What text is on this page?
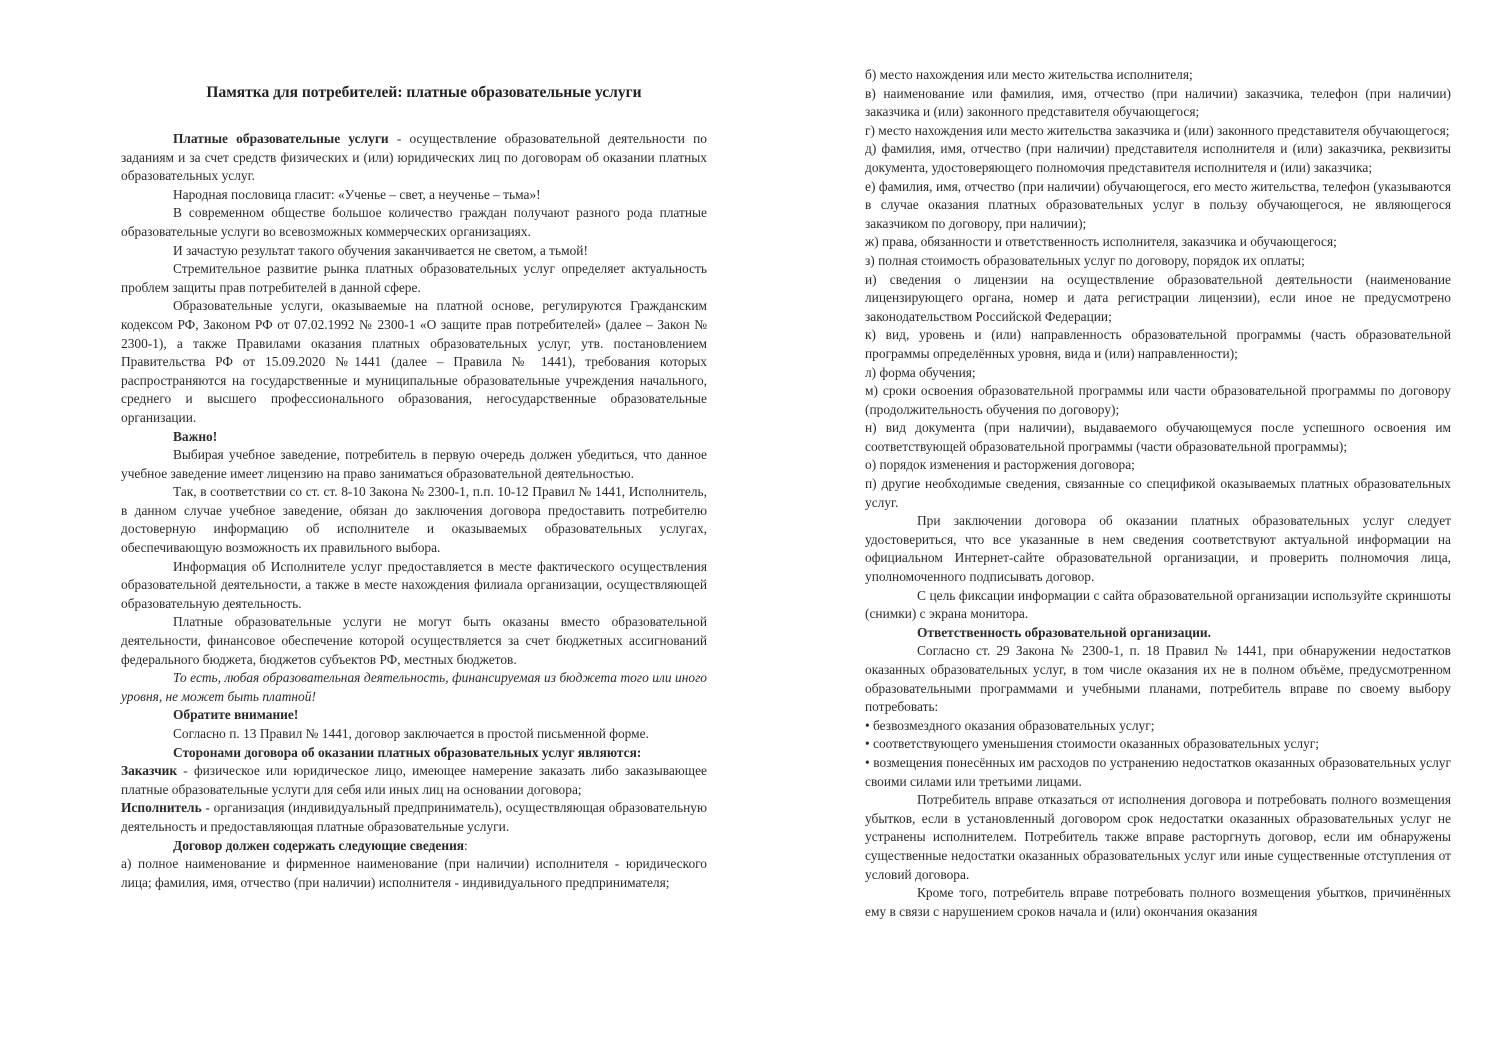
Памятка для потребителей: платные образовательные услуги

Платные образовательные услуги - осуществление образовательной деятельности по заданиям и за счет средств физических и (или) юридических лиц по договорам об оказании платных образовательных услуг.

Народная пословица гласит: «Ученье – свет, а неученье – тьма»!

В современном обществе большое количество граждан получают разного рода платные образовательные услуги во всевозможных коммерческих организациях.

И зачастую результат такого обучения заканчивается не светом, а тьмой!

Стремительное развитие рынка платных образовательных услуг определяет актуальность проблем защиты прав потребителей в данной сфере.

Образовательные услуги, оказываемые на платной основе, регулируются Гражданским кодексом РФ, Законом РФ от 07.02.1992 № 2300-1 «О защите прав потребителей» (далее – Закон № 2300-1), а также Правилами оказания платных образовательных услуг, утв. постановлением Правительства РФ от 15.09.2020 №1441 (далее – Правила № 1441), требования которых распространяются на государственные и муниципальные образовательные учреждения начального, среднего и высшего профессионального образования, негосударственные образовательные организации.

Важно!

Выбирая учебное заведение, потребитель в первую очередь должен убедиться, что данное учебное заведение имеет лицензию на право заниматься образовательной деятельностью.

Так, в соответствии со ст. ст. 8-10 Закона № 2300-1, п.п. 10-12 Правил № 1441, Исполнитель, в данном случае учебное заведение, обязан до заключения договора предоставить потребителю достоверную информацию об исполнителе и оказываемых образовательных услугах, обеспечивающую возможность их правильного выбора.

Информация об Исполнителе услуг предоставляется в месте фактического осуществления образовательной деятельности, а также в месте нахождения филиала организации, осуществляющей образовательную деятельность.

Платные образовательные услуги не могут быть оказаны вместо образовательной деятельности, финансовое обеспечение которой осуществляется за счет бюджетных ассигнований федерального бюджета, бюджетов субъектов РФ, местных бюджетов.

То есть, любая образовательная деятельность, финансируемая из бюджета того или иного уровня, не может быть платной!

Обратите внимание!

Согласно п. 13 Правил № 1441, договор заключается в простой письменной форме.

Сторонами договора об оказании платных образовательных услуг являются:

Заказчик - физическое или юридическое лицо, имеющее намерение заказать либо заказывающее платные образовательные услуги для себя или иных лиц на основании договора;

Исполнитель - организация (индивидуальный предприниматель), осуществляющая образовательную деятельность и предоставляющая платные образовательные услуги.

Договор должен содержать следующие сведения:

а) полное наименование и фирменное наименование (при наличии) исполнителя - юридического лица; фамилия, имя, отчество (при наличии) исполнителя - индивидуального предпринимателя;

б) место нахождения или место жительства исполнителя;

в) наименование или фамилия, имя, отчество (при наличии) заказчика, телефон (при наличии) заказчика и (или) законного представителя обучающегося;

г) место нахождения или место жительства заказчика и (или) законного представителя обучающегося;

д) фамилия, имя, отчество (при наличии) представителя исполнителя и (или) заказчика, реквизиты документа, удостоверяющего полномочия представителя исполнителя и (или) заказчика;

е) фамилия, имя, отчество (при наличии) обучающегося, его место жительства, телефон (указываются в случае оказания платных образовательных услуг в пользу обучающегося, не являющегося заказчиком по договору, при наличии);

ж) права, обязанности и ответственность исполнителя, заказчика и обучающегося;

з) полная стоимость образовательных услуг по договору, порядок их оплаты;

и) сведения о лицензии на осуществление образовательной деятельности (наименование лицензирующего органа, номер и дата регистрации лицензии), если иное не предусмотрено законодательством Российской Федерации;

к) вид, уровень и (или) направленность образовательной программы (часть образовательной программы определённых уровня, вида и (или) направленности);

л) форма обучения;

м) сроки освоения образовательной программы или части образовательной программы по договору (продолжительность обучения по договору);

н) вид документа (при наличии), выдаваемого обучающемуся после успешного освоения им соответствующей образовательной программы (части образовательной программы);

о) порядок изменения и расторжения договора;

п) другие необходимые сведения, связанные со спецификой оказываемых платных образовательных услуг.

При заключении договора об оказании платных образовательных услуг следует удостовериться, что все указанные в нем сведения соответствуют актуальной информации на официальном Интернет-сайте образовательной организации, и проверить полномочия лица, уполномоченного подписывать договор.

С цель фиксации информации с сайта образовательной организации используйте скриншоты (снимки) с экрана монитора.

Ответственность образовательной организации.

Согласно ст. 29 Закона № 2300-1, п. 18 Правил № 1441, при обнаружении недостатков оказанных образовательных услуг, в том числе оказания их не в полном объёме, предусмотренном образовательными программами и учебными планами, потребитель вправе по своему выбору потребовать:

• безвозмездного оказания образовательных услуг;

• соответствующего уменьшения стоимости оказанных образовательных услуг;

• возмещения понесённых им расходов по устранению недостатков оказанных образовательных услуг своими силами или третьими лицами.

Потребитель вправе отказаться от исполнения договора и потребовать полного возмещения убытков, если в установленный договором срок недостатки оказанных образовательных услуг не устранены исполнителем. Потребитель также вправе расторгнуть договор, если им обнаружены существенные недостатки оказанных образовательных услуг или иные существенные отступления от условий договора.

Кроме того, потребитель вправе потребовать полного возмещения убытков, причинённых ему в связи с нарушением сроков начала и (или) окончания оказания
